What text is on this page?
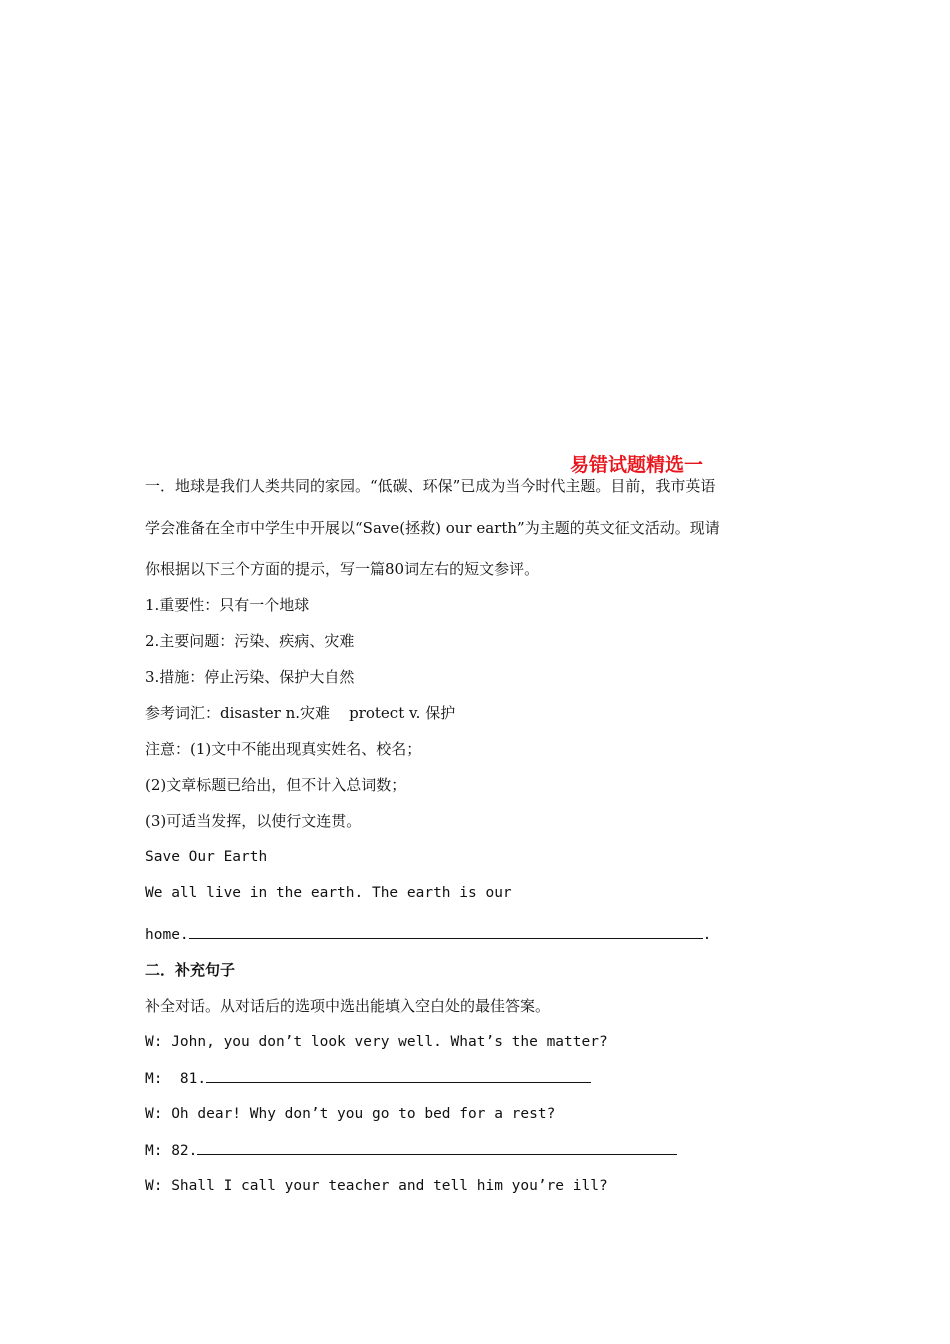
易错试题精选一
一．地球是我们人类共同的家园。“低碳、环保”已成为当今时代主题。目前，我市英语
学会准备在全市中学生中开展以“Save(拯救) our earth”为主题的英文征文活动。现请
你根据以下三个方面的提示，写一篇80词左右的短文参评。
1.重要性：只有一个地球
2.主要问题：污染、疾病、灾难
3.措施：停止污染、保护大自然
参考词汇：disaster n.灾难    protect v. 保护
注意：(1)文中不能出现真实姓名、校名；
(2)文章标题已给出，但不计入总词数；
(3)可适当发挥，以使行文连贯。
Save Our Earth
We all live in the earth. The earth is our
home.	.
二．补充句子
补全对话。从对话后的选项中选出能填入空白处的最佳答案。
W: John, you don’t look very well. What’s the matter?
M:  81.
W: Oh dear! Why don’t you go to bed for a rest?
M: 82.
W: Shall I call your teacher and tell him you’re ill?
